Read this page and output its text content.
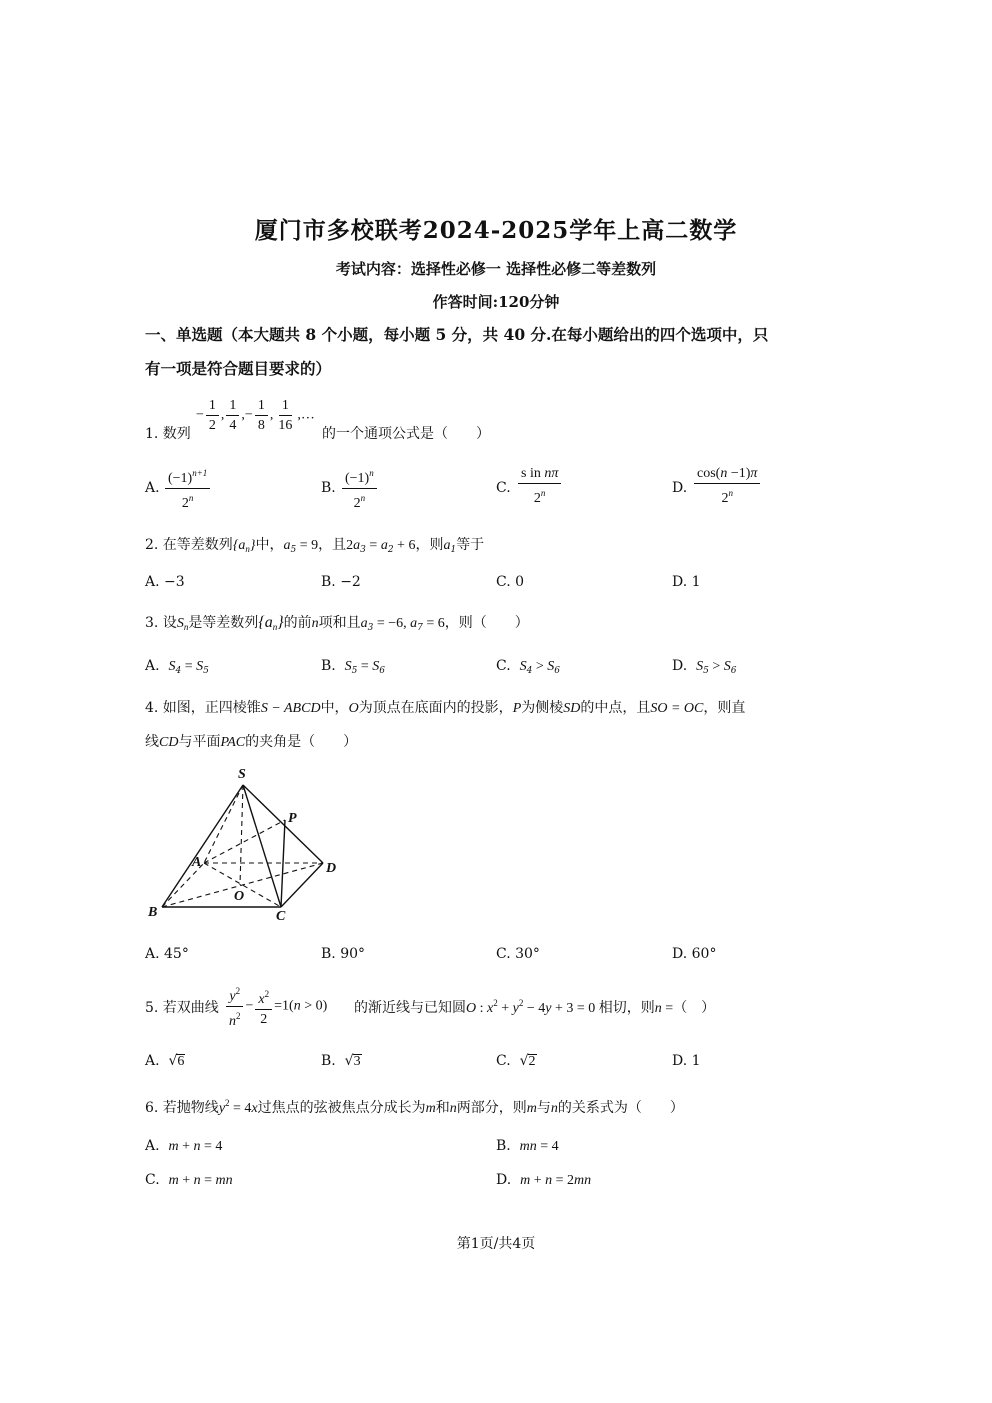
厦门市多校联考2024-2025学年上高二数学
考试内容：选择性必修一 选择性必修二等差数列
作答时间:120分钟
一、单选题（本大题共 8 个小题，每小题 5 分，共 40 分.在每小题给出的四个选项中，只
有一项是符合题目要求的）
1. 数列
− $\frac{1}{2}$ , $\frac{1}{4}$ ,− $\frac{1}{8}$ , $\frac{1}{16}$ ,…
的一个通项公式是（　　）
A. $\frac{(-1)^{n+1}}{2^n}$	B. $\frac{(-1)^n}{2^n}$	C. $\frac{\text{s in nπ}}{2^n}$	D. $\frac{\cos(n -1)\pi}{2^n}$
2. 在等差数列$\{a_n\}$中，$a_5 = 9$，且$2a_3 = a_2 + 6$，则$a_1$等于
A. −3	B. −2	C. 0	D. 1
3. 设$S_n$是等差数列$\{a_n\}$的前n项和且$a_3 = -6$, $a_7 = 6$，则（　　）
A. $S_4 = S_5$	B. $S_5 = S_6$	C. $S_4 > S_6$	D. $S_5 > S_6$
4. 如图，正四棱锥S − ABCD中，O为顶点在底面内的投影，P为侧棱SD的中点，且SO = OC，则直
线CD与平面PAC的夹角是（　　）
S
P
A	D
O
B	C
A. 45°	B. 90°	C. 30°	D. 60°
5. 若双曲线 $\frac{y^2}{n^2} - \frac{x^2}{2} =1(n > 0)$ 的渐近线与已知圆O : $x^2 + y^2 - 4y + 3 = 0$ 相切，则n =（　）
A.  √6	B.  √3	C.  √2	D. 1
6. 若抛物线$y^2 = 4x$过焦点的弦被焦点分成长为m和n两部分，则m与n的关系式为（　　）
A. m + n = 4	B. mn = 4
C. m + n = mn	D. m + n = 2mn
第1页/共4页
